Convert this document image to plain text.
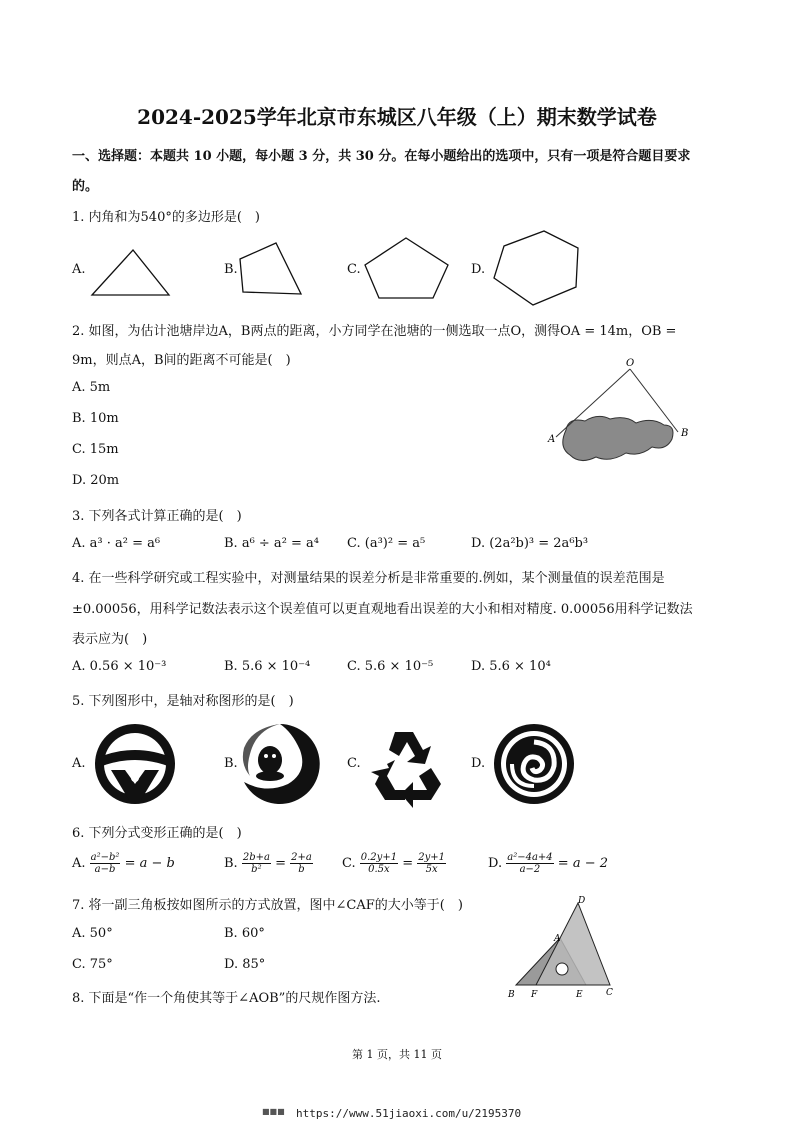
2024-2025学年北京市东城区八年级（上）期末数学试卷
一、选择题：本题共 10 小题，每小题 3 分，共 30 分。在每小题给出的选项中，只有一项是符合题目要求
的。
1. 内角和为540°的多边形是(　)
A.	B.	C.	D.
2. 如图，为估计池塘岸边A，B两点的距离，小方同学在池塘的一侧选取一点O，测得OA = 14m，OB =
9m，则点A，B间的距离不可能是(　)
A. 5m
B. 10m
C. 15m
D. 20m
O
A
B
3. 下列各式计算正确的是(　)
A. a³ · a² = a⁶	B. a⁶ ÷ a² = a⁴ C. (a³)² = a⁵	D. (2a²b)³ = 2a⁶b³
4. 在一些科学研究或工程实验中，对测量结果的误差分析是非常重要的.例如，某个测量值的误差范围是
±0.00056，用科学记数法表示这个误差值可以更直观地看出误差的大小和相对精度. 0.00056用科学记数法
表示应为(　)
A. 0.56 × 10⁻³	B. 5.6 × 10⁻⁴	C. 5.6 × 10⁻⁵	D. 5.6 × 10⁴
5. 下列图形中，是轴对称图形的是(　)
A.	B.	C.	D.
6. 下列分式变形正确的是(　)
A. $\frac{\text{a²−b²}}{a-b} = a - b$	B. $\frac{2b+a}{\text{b²}} = \frac{2+a}{b} C$. $\frac{0.2y+1}{0.5x} = \frac{2y+1}{5x}$	D. $\frac{\text{a²−4a+4}}{a-2} = a - 2$
7. 将一副三角板按如图所示的方式放置，图中∠CAF的大小等于(　)
A. 50°	B. 60°
C. 75°	D. 85°
D
A
B F	E	C
8. 下面是“作一个角使其等于∠AOB”的尺规作图方法.
第 1 页，共 11 页
■■■ https://www.51jiaoxi.com/u/2195370
